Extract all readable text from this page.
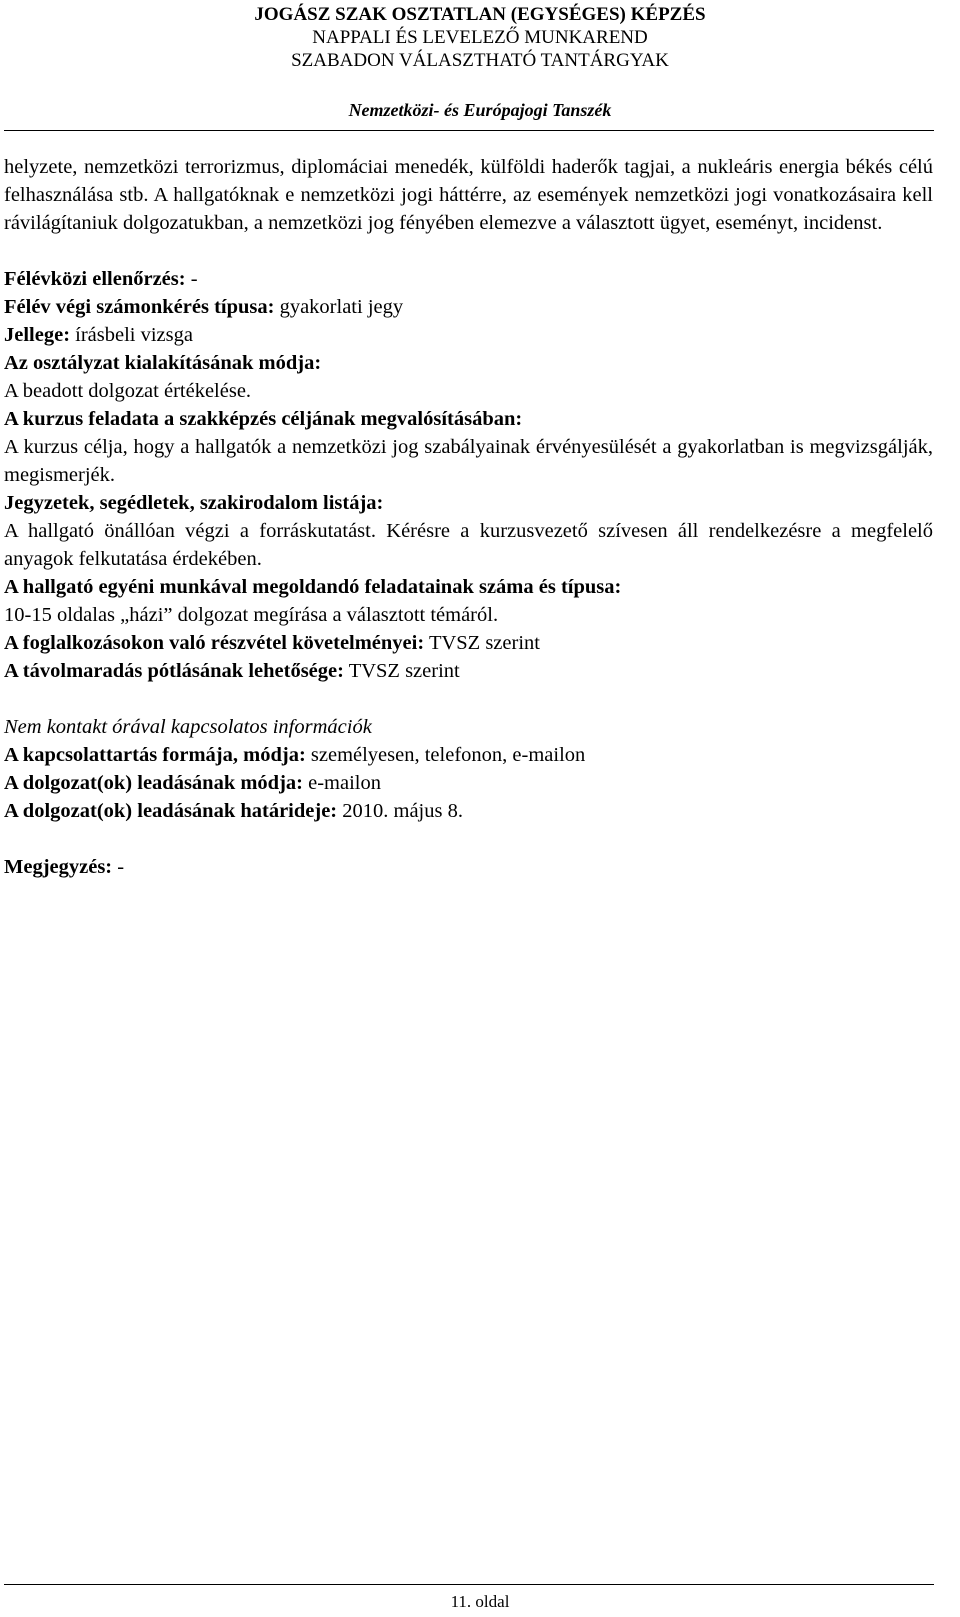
JOGÁSZ SZAK OSZTATLAN (EGYSÉGES) KÉPZÉS
NAPPALI ÉS LEVELEZŐ MUNKAREND
SZABADON VÁLASZTHATÓ TANTÁRGYAK
Nemzetközi- és Európajogi Tanszék

helyzete, nemzetközi terrorizmus, diplomáciai menedék, külföldi haderők tagjai, a nukleáris energia békés célú felhasználása stb. A hallgatóknak e nemzetközi jogi háttérre, az események nemzetközi jogi vonatkozásaira kell rávilágítaniuk dolgozatukban, a nemzetközi jog fényében elemezve a választott ügyet, eseményt, incidenst.

Félévközi ellenőrzés: -

Félév végi számonkérés típusa: gyakorlati jegy

Jellege: írásbeli vizsga

Az osztályzat kialakításának módja:

A beadott dolgozat értékelése.

A kurzus feladata a szakképzés céljának megvalósításában:

A kurzus célja, hogy a hallgatók a nemzetközi jog szabályainak érvényesülését a gyakorlatban is megvizsgálják, megismerjék.

Jegyzetek, segédletek, szakirodalom listája:

A hallgató önállóan végzi a forráskutatást. Kérésre a kurzusvezető szívesen áll rendelkezésre a megfelelő anyagok felkutatása érdekében.

A hallgató egyéni munkával megoldandó feladatainak száma és típusa:

10-15 oldalas „házi” dolgozat megírása a választott témáról.

A foglalkozásokon való részvétel követelményei: TVSZ szerint

A távolmaradás pótlásának lehetősége: TVSZ szerint

Nem kontakt órával kapcsolatos információk

A kapcsolattartás formája, módja: személyesen, telefonon, e-mailon

A dolgozat(ok) leadásának módja: e-mailon

A dolgozat(ok) leadásának határideje: 2010. május 8.

Megjegyzés: -

11. oldal
